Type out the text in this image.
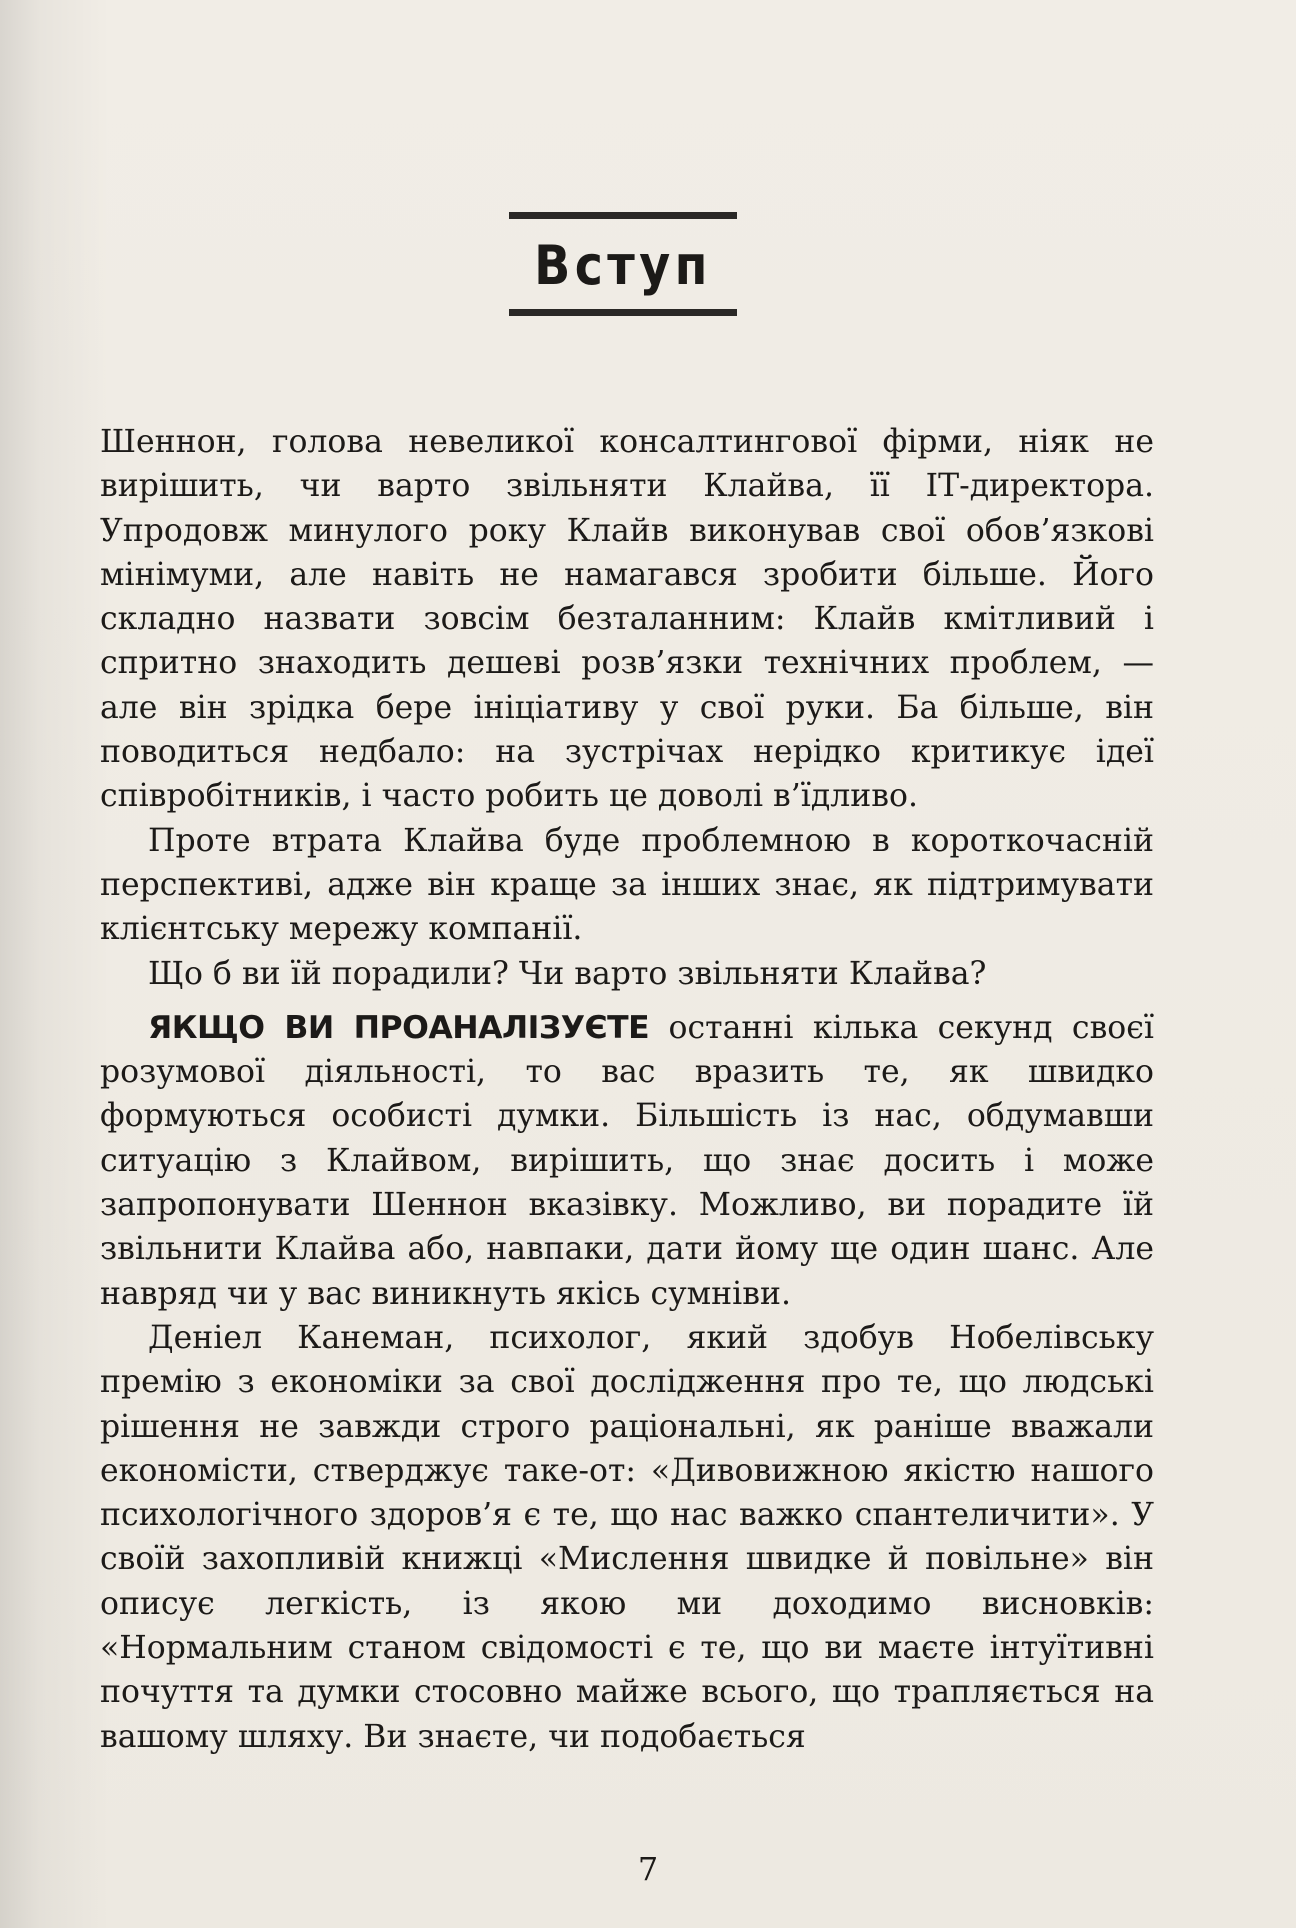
Вступ

Шеннон, голова невеликої консалтингової фірми, ніяк не вирішить, чи варто звільняти Клайва, її ІТ-директора. Упродовж минулого року Клайв виконував свої обов’язкові мінімуми, але навіть не намагався зробити більше. Його складно назвати зовсім безталанним: Клайв кмітливий і спритно знаходить дешеві розв’язки технічних проблем, — але він зрідка бере ініціативу у свої руки. Ба більше, він поводиться недбало: на зустрічах нерідко критикує ідеї співробітників, і часто робить це доволі в’їдливо.

Проте втрата Клайва буде проблемною в короткочасній перспективі, адже він краще за інших знає, як підтримувати клієнтську мережу компанії.

Що б ви їй порадили? Чи варто звільняти Клайва?

ЯКЩО ВИ ПРОАНАЛІЗУЄТЕ останні кілька секунд своєї розумової діяльності, то вас вразить те, як швидко формуються особисті думки. Більшість із нас, обдумавши ситуацію з Клайвом, вирішить, що знає досить і може запропонувати Шеннон вказівку. Можливо, ви порадите їй звільнити Клайва або, навпаки, дати йому ще один шанс. Але навряд чи у вас виникнуть якісь сумніви.

Деніел Канеман, психолог, який здобув Нобелівську премію з економіки за свої дослідження про те, що людські рішення не завжди строго раціональні, як раніше вважали економісти, стверджує таке-от: «Дивовижною якістю нашого психологічного здоров’я є те, що нас важко спантеличити». У своїй захопливій книжці «Мислення швидке й повільне» він описує легкість, із якою ми доходимо висновків: «Нормальним станом свідомості є те, що ви маєте інтуїтивні почуття та думки стосовно майже всього, що трапляється на вашому шляху. Ви знаєте, чи подобається

7
